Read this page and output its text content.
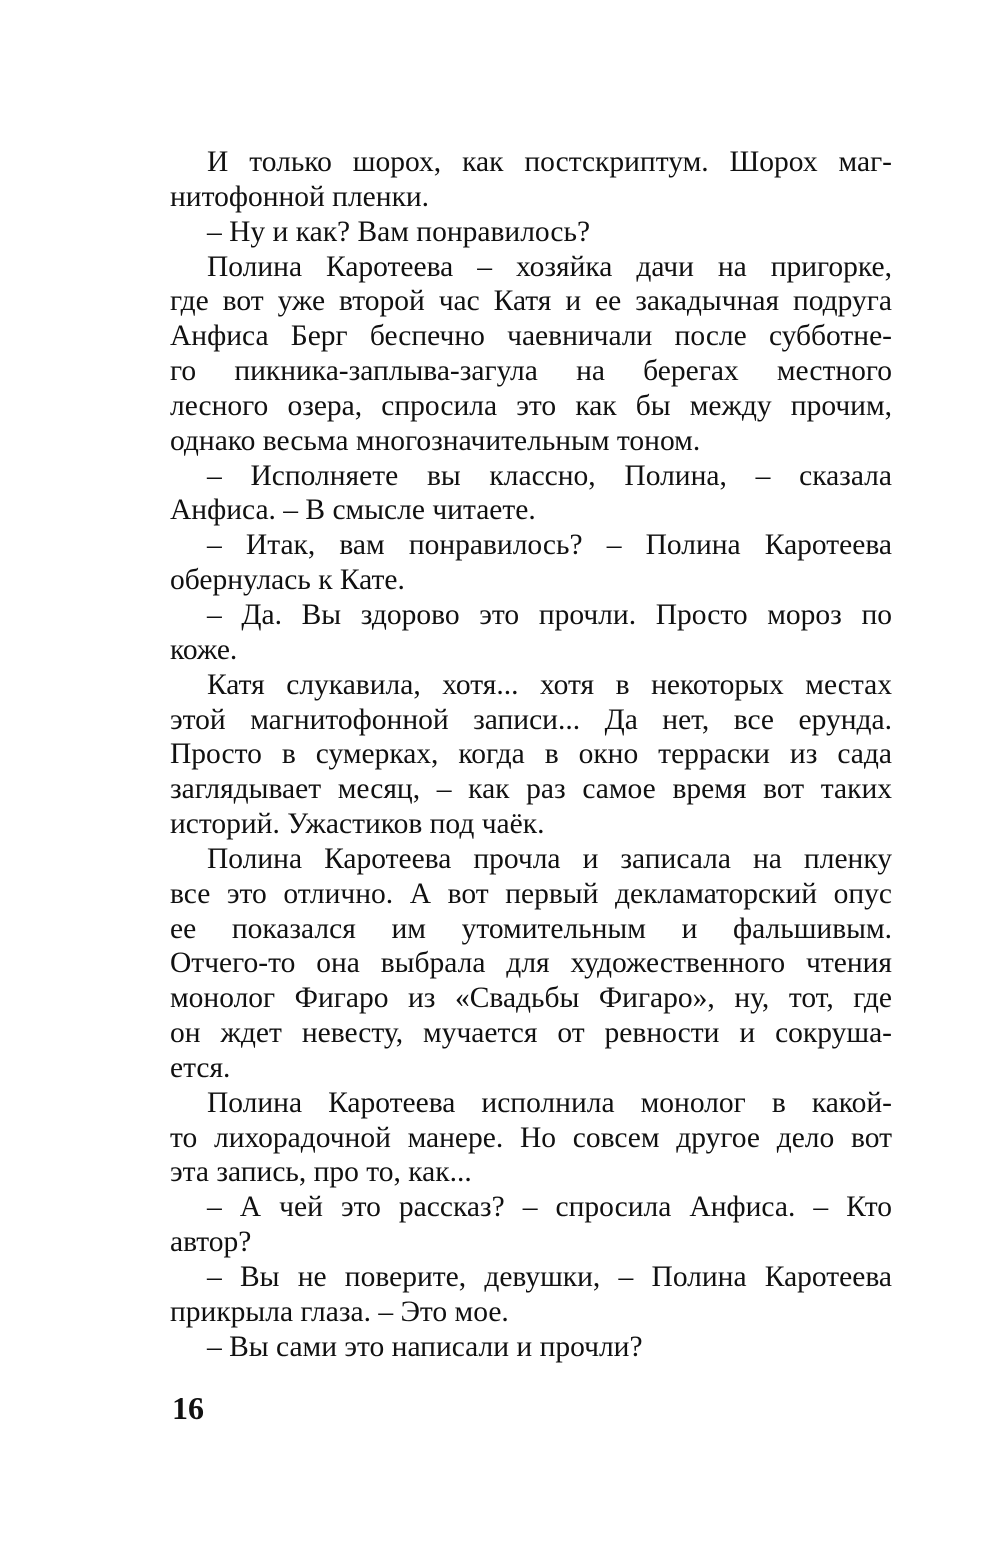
И только шорох, как постскриптум. Шорох маг-
нитофонной пленки.
– Ну и как? Вам понравилось?
Полина Каротеева – хозяйка дачи на пригорке,
где вот уже второй час Катя и ее закадычная подруга
Анфиса Берг беспечно чаевничали после субботне-
го пикника-заплыва-загула на берегах местного
лесного озера, спросила это как бы между прочим,
однако весьма многозначительным тоном.
– Исполняете вы классно, Полина, – сказала
Анфиса. – В смысле читаете.
– Итак, вам понравилось? – Полина Каротеева
обернулась к Кате.
– Да. Вы здорово это прочли. Просто мороз по
коже.
Катя слукавила, хотя... хотя в некоторых местах
этой магнитофонной записи... Да нет, все ерунда.
Просто в сумерках, когда в окно терраски из сада
заглядывает месяц, – как раз самое время вот таких
историй. Ужастиков под чаёк.
Полина Каротеева прочла и записала на пленку
все это отлично. А вот первый декламаторский опус
ее показался им утомительным и фальшивым.
Отчего-то она выбрала для художественного чтения
монолог Фигаро из «Свадьбы Фигаро», ну, тот, где
он ждет невесту, мучается от ревности и сокруша-
ется.
Полина Каротеева исполнила монолог в какой-
то лихорадочной манере. Но совсем другое дело вот
эта запись, про то, как...
– А чей это рассказ? – спросила Анфиса. – Кто
автор?
– Вы не поверите, девушки, – Полина Каротеева
прикрыла глаза. – Это мое.
– Вы сами это написали и прочли?
16
